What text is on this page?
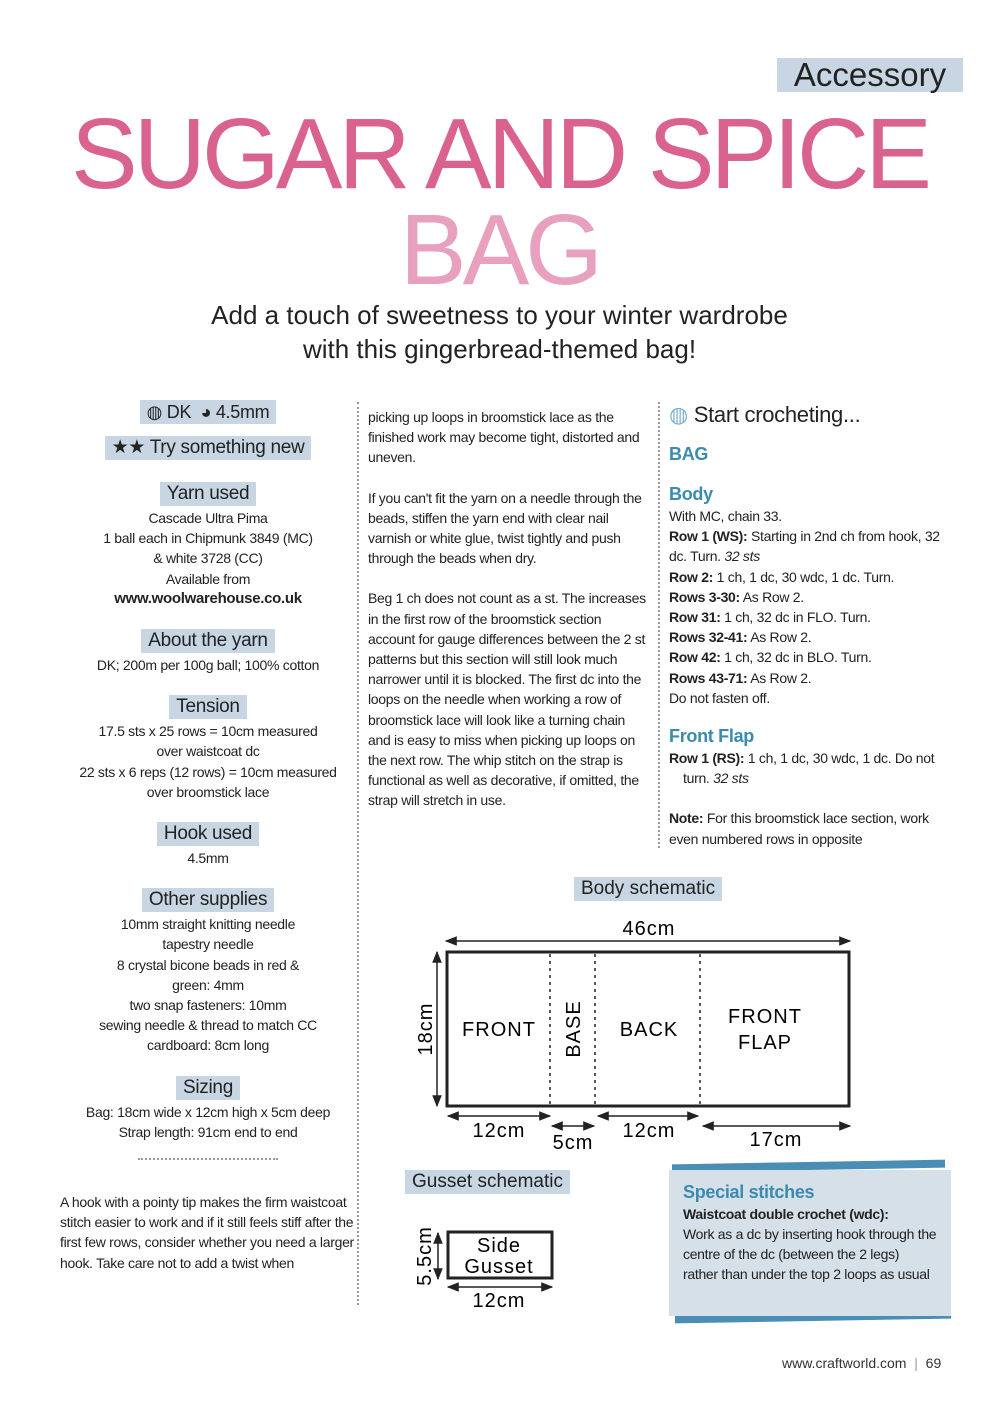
Accessory
SUGAR AND SPICE
BAG
Add a touch of sweetness to your winter wardrobe
with this gingerbread-themed bag!
◍ DK ◕ 4.5mm
★★ Try something new
Yarn used
Cascade Ultra Pima
1 ball each in Chipmunk 3849 (MC)
& white 3728 (CC)
Available from
www.woolwarehouse.co.uk
About the yarn
DK; 200m per 100g ball; 100% cotton
Tension
17.5 sts x 25 rows = 10cm measured
over waistcoat dc
22 sts x 6 reps (12 rows) = 10cm measured
over broomstick lace
Hook used
4.5mm
Other supplies
10mm straight knitting needle
tapestry needle
8 crystal bicone beads in red &
green: 4mm
two snap fasteners: 10mm
sewing needle & thread to match CC
cardboard: 8cm long
Sizing
Bag: 18cm wide x 12cm high x 5cm deep
Strap length: 91cm end to end
A hook with a pointy tip makes the firm waistcoat stitch easier to work and if it still feels stiff after the first few rows, consider whether you need a larger hook. Take care not to add a twist when

picking up loops in broomstick lace as the finished work may become tight, distorted and uneven.

If you can't fit the yarn on a needle through the beads, stiffen the yarn end with clear nail varnish or white glue, twist tightly and push through the beads when dry.

Beg 1 ch does not count as a st. The increases in the first row of the broomstick section account for gauge differences between the 2 st patterns but this section will still look much narrower until it is blocked. The first dc into the loops on the needle when working a row of broomstick lace will look like a turning chain and is easy to miss when picking up loops on the next row. The whip stitch on the strap is functional as well as decorative, if omitted, the strap will stretch in use.

◍ Start crocheting...
BAG
Body
With MC, chain 33.
Row 1 (WS): Starting in 2nd ch from hook, 32 dc. Turn. 32 sts
Row 2: 1 ch, 1 dc, 30 wdc, 1 dc. Turn.
Rows 3-30: As Row 2.
Row 31: 1 ch, 32 dc in FLO. Turn.
Rows 32-41: As Row 2.
Row 42: 1 ch, 32 dc in BLO. Turn.
Rows 43-71: As Row 2.
Do not fasten off.
Front Flap
Row 1 (RS): 1 ch, 1 dc, 30 wdc, 1 dc. Do not turn. 32 sts
Note: For this broomstick lace section, work even numbered rows in opposite
Body schematic
46cm
18cm FRONT BASE BACK
FRONT
FLAP
12cm
5cm
12cm	17cm
Gusset schematic
5.5cm Side
Gusset
12cm
Special stitches
Waistcoat double crochet (wdc):
Work as a dc by inserting hook through the centre of the dc (between the 2 legs) rather than under the top 2 loops as usual
www.craftworld.com  |  69
